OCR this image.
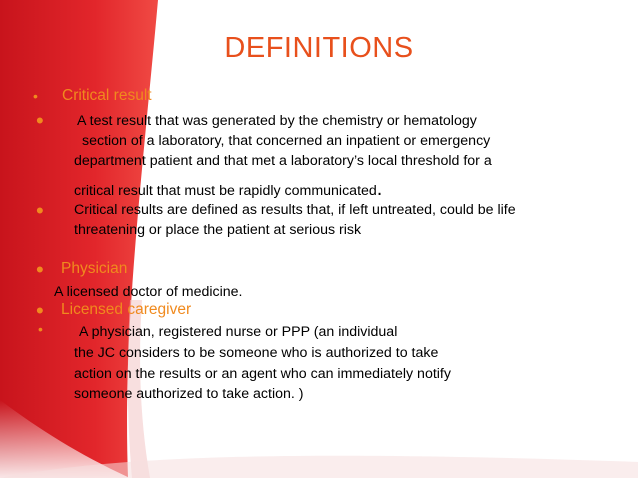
DEFINITIONS
• Critical result
• A test result that was generated by the chemistry or hematology
section of a laboratory, that concerned an inpatient or emergency
department patient and that met a laboratory’s local threshold for a
critical result that must be rapidly communicated.
• Critical results are defined as results that, if left untreated, could be life
threatening or place the patient at serious risk
• Physician
A licensed doctor of medicine.
• Licensed caregiver
•	A physician, registered nurse or PPP (an individual
the JC considers to be someone who is authorized to take
action on the results or an agent who can immediately notify
someone authorized to take action. )
